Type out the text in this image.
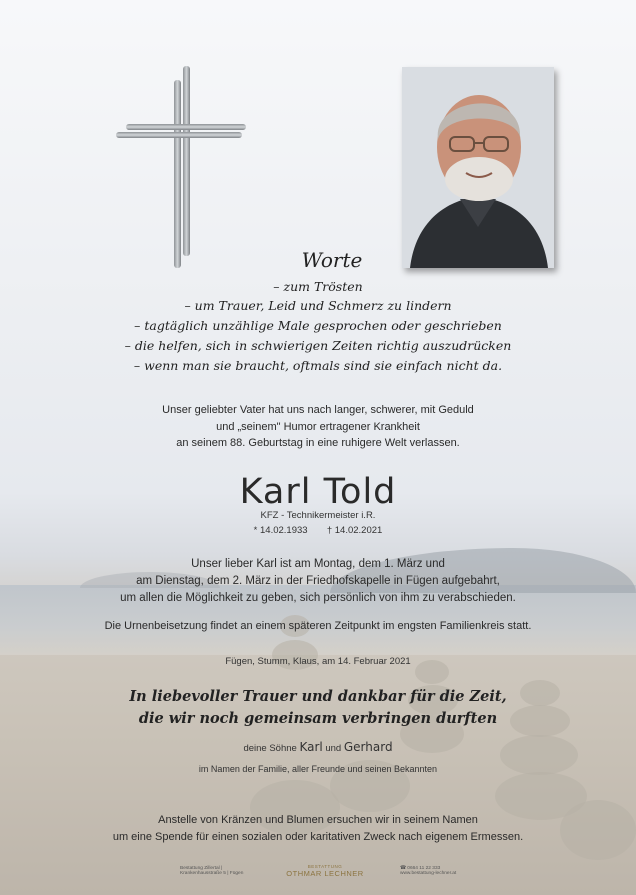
Worte

– zum Trösten

– um Trauer, Leid und Schmerz zu lindern

– tagtäglich unzählige Male gesprochen oder geschrieben

– die helfen, sich in schwierigen Zeiten richtig auszudrücken

– wenn man sie braucht, oftmals sind sie einfach nicht da.

Unser geliebter Vater hat uns nach langer, schwerer, mit Geduld

und „seinem" Humor ertragener Krankheit

an seinem 88. Geburtstag in eine ruhigere Welt verlassen.

Karl Told

KFZ - Technikermeister i.R.

* 14.02.1933 † 14.02.2021

Unser lieber Karl ist am Montag, dem 1. März und

am Dienstag, dem 2. März in der Friedhofskapelle in Fügen aufgebahrt,

um allen die Möglichkeit zu geben, sich persönlich von ihm zu verabschieden.

Die Urnenbeisetzung findet an einem späteren Zeitpunkt im engsten Familienkreis statt.

Fügen, Stumm, Klaus, am 14. Februar 2021

In liebevoller Trauer und dankbar für die Zeit,

die wir noch gemeinsam verbringen durften

deine Söhne Karl und Gerhard

im Namen der Familie, aller Freunde und seinen Bekannten

Anstelle von Kränzen und Blumen ersuchen wir in seinem Namen

um eine Spende für einen sozialen oder karitativen Zweck nach eigenem Ermessen.

Bestattung Zillertal | Krankenhausstraße 5 | Fügen
BESTATTUNG
OTHMAR LECHNER
☎ 0664 11 22 333
www.bestattung-lechner.at
